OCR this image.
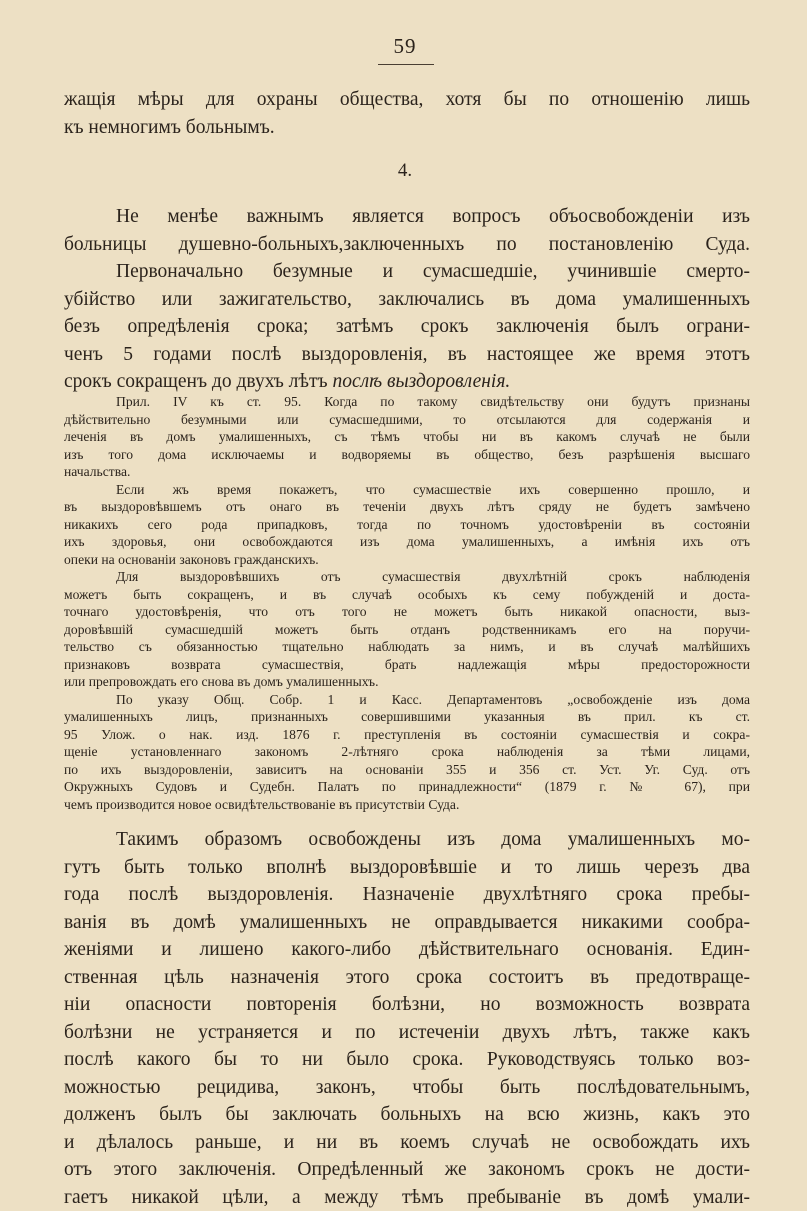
59
жащія мѣры для охраны общества, хотя бы по отношенію лишь
къ немногимъ больнымъ.
4.
Не менѣе важнымъ является вопросъ объосвобожденіи изъ
больницы душевно-больныхъ,заключенныхъ по постановленію Суда.
Первоначально безумные и сумасшедшіе, учинившіе смерто-
убійство или зажигательство, заключались въ дома умалишенныхъ
безъ опредѣленія срока; затѣмъ срокъ заключенія былъ ограни-
ченъ 5 годами послѣ выздоровленія, въ настоящее же время этотъ
срокъ сокращенъ до двухъ лѣтъ послѣ выздоровленія.
Прил. IV къ ст. 95. Когда по такому свидѣтельству они будутъ признаны
дѣйствительно безумными или сумасшедшими, то отсылаются для содержанія и
леченія въ домъ умалишенныхъ, съ тѣмъ чтобы ни въ какомъ случаѣ не были
изъ того дома исключаемы и водворяемы въ общество, безъ разрѣшенія высшаго
начальства.
Если жъ время покажетъ, что сумасшествіе ихъ совершенно прошло, и
въ выздоровѣвшемъ отъ онаго въ теченіи двухъ лѣтъ сряду не будетъ замѣчено
никакихъ сего рода припадковъ, тогда по точномъ удостовѣреніи въ состояніи
ихъ здоровья, они освобождаются изъ дома умалишенныхъ, а имѣнія ихъ отъ
опеки на основаніи законовъ гражданскихъ.
Для выздоровѣвшихъ отъ сумасшествія двухлѣтній срокъ наблюденія
можетъ быть сокращенъ, и въ случаѣ особыхъ къ сему побужденій и доста-
точнаго удостовѣренія, что отъ того не можетъ быть никакой опасности, выз-
доровѣвшій сумасшедшій можетъ быть отданъ родственникамъ его на поручи-
тельство съ обязанностью тщательно наблюдать за нимъ, и въ случаѣ малѣйшихъ
признаковъ возврата сумасшествія, брать надлежащія мѣры предосторожности
или препровождать его снова въ домъ умалишенныхъ.
По указу Общ. Собр. 1 и Касс. Департаментовъ „освобожденіе изъ дома
умалишенныхъ лицъ, признанныхъ совершившими указанныя въ прил. къ ст.
95 Улож. о нак. изд. 1876 г. преступленія въ состояніи сумасшествія и сокра-
щеніе установленнаго закономъ 2-лѣтняго срока наблюденія за тѣми лицами,
по ихъ выздоровленіи, зависитъ на основаніи 355 и 356 ст. Уст. Уг. Суд. отъ
Окружныхъ Судовъ и Судебн. Палатъ по принадлежности“ (1879 г. № 67), при
чемъ производится новое освидѣтельствованіе въ присутствіи Суда.
Такимъ образомъ освобождены изъ дома умалишенныхъ мо-
гутъ быть только вполнѣ выздоровѣвшіе и то лишь черезъ два
года послѣ выздоровленія. Назначеніе двухлѣтняго срока пребы-
ванія въ домѣ умалишенныхъ не оправдывается никакими сообра-
женіями и лишено какого-либо дѣйствительнаго основанія. Един-
ственная цѣль назначенія этого срока состоитъ въ предотвраще-
ніи опасности повторенія болѣзни, но возможность возврата
болѣзни не устраняется и по истеченіи двухъ лѣтъ, также какъ
послѣ какого бы то ни было срока. Руководствуясь только воз-
можностью рецидива, законъ, чтобы быть послѣдовательнымъ,
долженъ былъ бы заключать больныхъ на всю жизнь, какъ это
и дѣлалось раньше, и ни въ коемъ случаѣ не освобождать ихъ
отъ этого заключенія. Опредѣленный же закономъ срокъ не дости-
гаетъ никакой цѣли, а между тѣмъ пребываніе въ домѣ умали-
